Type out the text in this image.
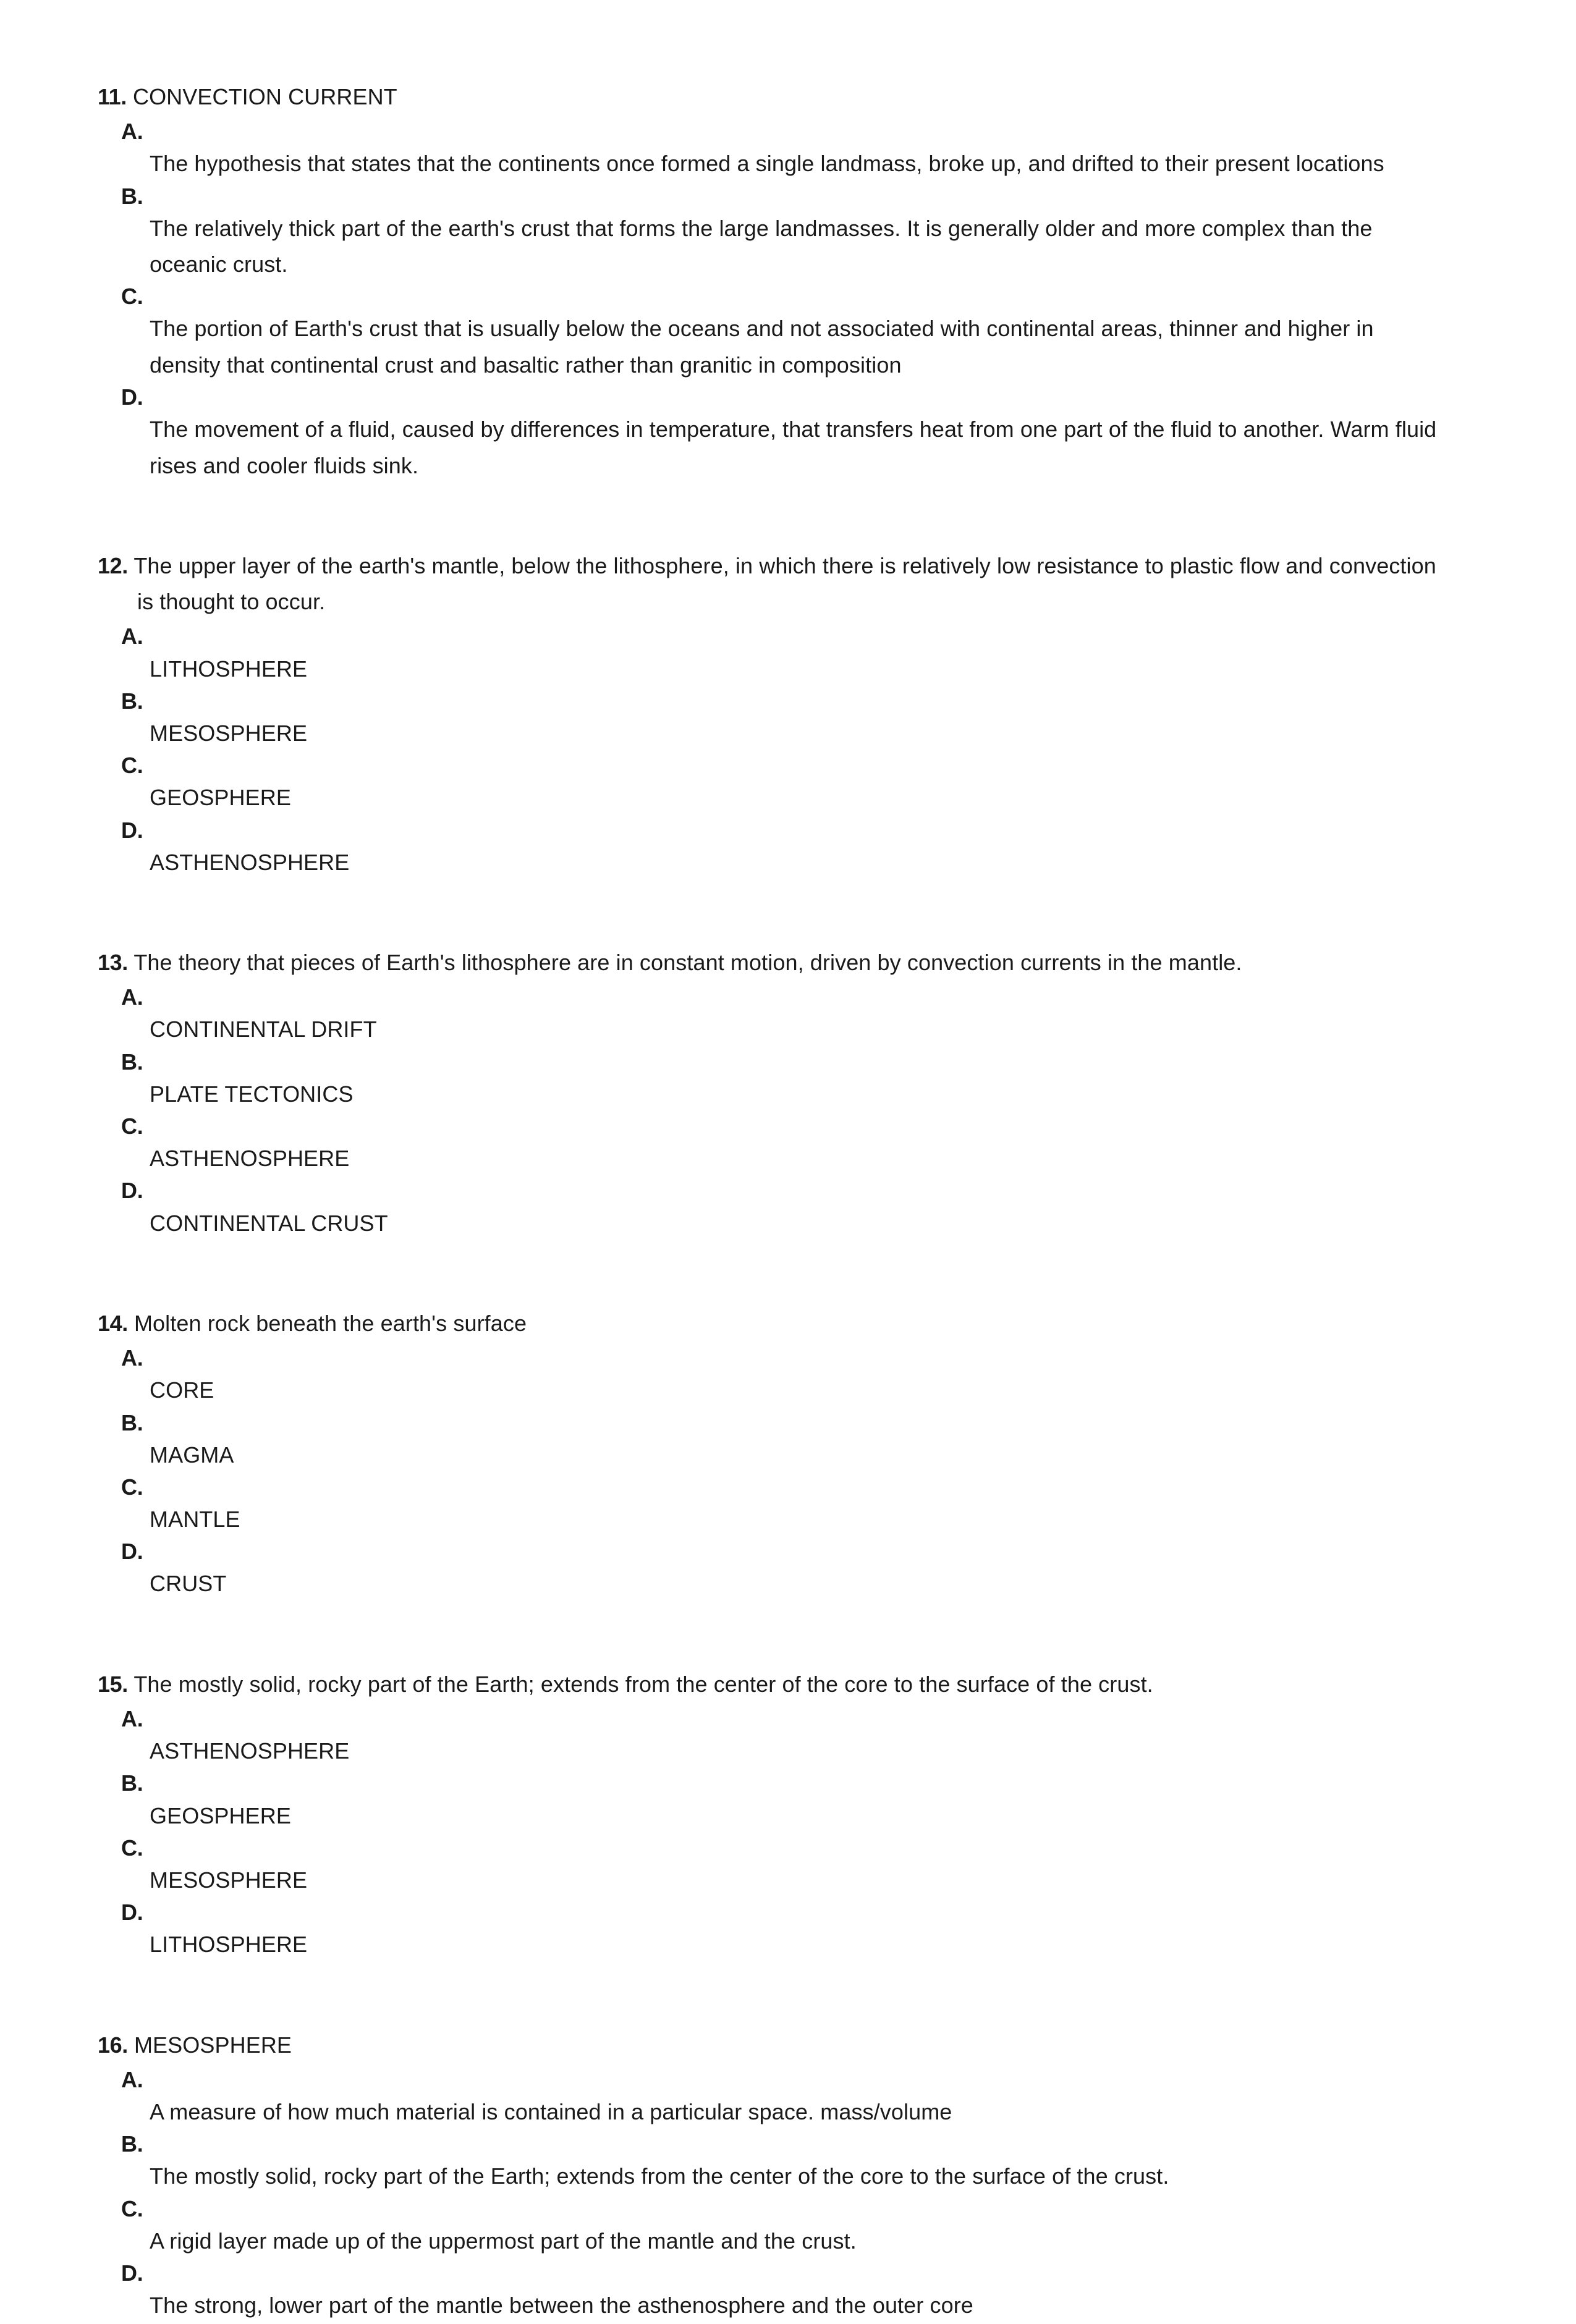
11. CONVECTION CURRENT
A.
The hypothesis that states that the continents once formed a single landmass, broke up, and drifted to their present locations
B.
The relatively thick part of the earth's crust that forms the large landmasses. It is generally older and more complex than the oceanic crust.
C.
The portion of Earth's crust that is usually below the oceans and not associated with continental areas, thinner and higher in density that continental crust and basaltic rather than granitic in composition
D.
The movement of a fluid, caused by differences in temperature, that transfers heat from one part of the fluid to another. Warm fluid rises and cooler fluids sink.
12. The upper layer of the earth's mantle, below the lithosphere, in which there is relatively low resistance to plastic flow and convection is thought to occur.
A.
LITHOSPHERE
B.
MESOSPHERE
C.
GEOSPHERE
D.
ASTHENOSPHERE
13. The theory that pieces of Earth's lithosphere are in constant motion, driven by convection currents in the mantle.
A.
CONTINENTAL DRIFT
B.
PLATE TECTONICS
C.
ASTHENOSPHERE
D.
CONTINENTAL CRUST
14. Molten rock beneath the earth's surface
A.
CORE
B.
MAGMA
C.
MANTLE
D.
CRUST
15. The mostly solid, rocky part of the Earth; extends from the center of the core to the surface of the crust.
A.
ASTHENOSPHERE
B.
GEOSPHERE
C.
MESOSPHERE
D.
LITHOSPHERE
16. MESOSPHERE
A.
A measure of how much material is contained in a particular space. mass/volume
B.
The mostly solid, rocky part of the Earth; extends from the center of the core to the surface of the crust.
C.
A rigid layer made up of the uppermost part of the mantle and the crust.
D.
The strong, lower part of the mantle between the asthenosphere and the outer core
